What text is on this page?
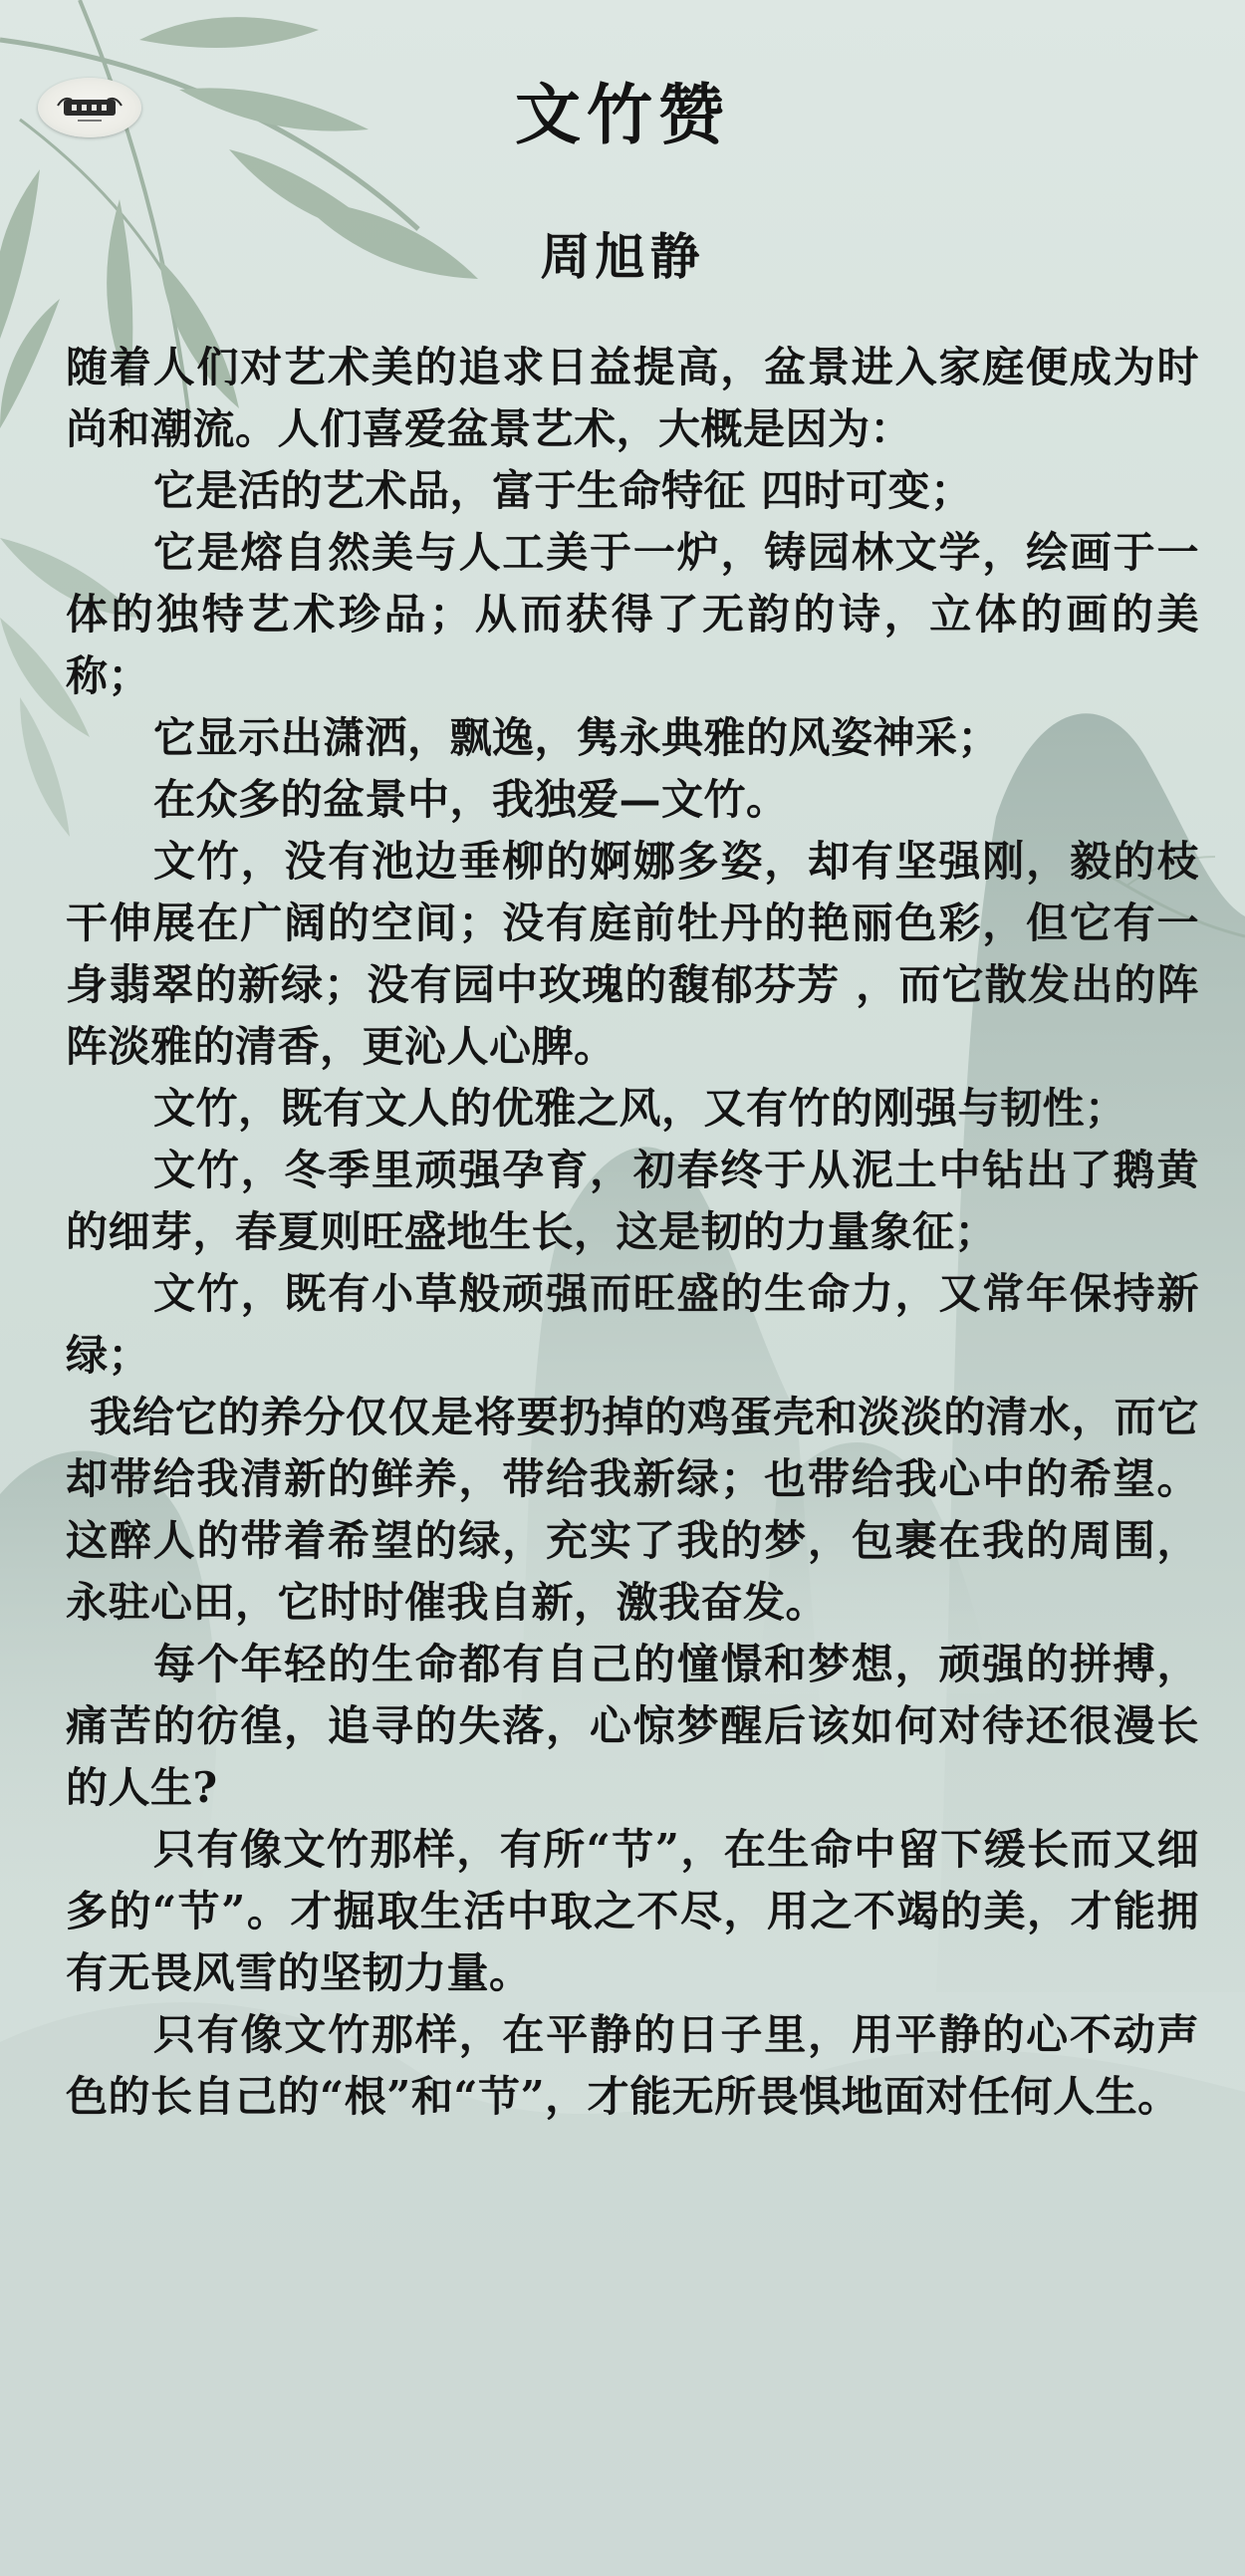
文竹赞
周旭静

随着人们对艺术美的追求日益提高，盆景进入家庭便成为时尚和潮流。人们喜爱盆景艺术，大概是因为：

它是活的艺术品，富于生命特征 四时可变；

它是熔自然美与人工美于一炉，铸园林文学，绘画于一体的独特艺术珍品；从而获得了无韵的诗，立体的画的美称；

它显示出潇洒，飘逸，隽永典雅的风姿神采；

在众多的盆景中，我独爱—文竹。

文竹，没有池边垂柳的婀娜多姿，却有坚强刚，毅的枝干伸展在广阔的空间；没有庭前牡丹的艳丽色彩，但它有一身翡翠的新绿；没有园中玫瑰的馥郁芬芳 ，而它散发出的阵阵淡雅的清香，更沁人心脾。

文竹，既有文人的优雅之风，又有竹的刚强与韧性；

文竹，冬季里顽强孕育，初春终于从泥土中钻出了鹅黄的细芽，春夏则旺盛地生长，这是韧的力量象征；

文竹，既有小草般顽强而旺盛的生命力，又常年保持新绿；

我给它的养分仅仅是将要扔掉的鸡蛋壳和淡淡的清水，而它却带给我清新的鲜养，带给我新绿；也带给我心中的希望。这醉人的带着希望的绿，充实了我的梦，包裹在我的周围，永驻心田，它时时催我自新，激我奋发。

每个年轻的生命都有自己的憧憬和梦想，顽强的拼搏，痛苦的彷徨，追寻的失落，心惊梦醒后该如何对待还很漫长的人生?

只有像文竹那样，有所“节”，在生命中留下缓长而又细多的“节”。才掘取生活中取之不尽，用之不竭的美，才能拥有无畏风雪的坚韧力量。

只有像文竹那样，在平静的日子里，用平静的心不动声色的长自己的“根”和“节”，才能无所畏惧地面对任何人生。
